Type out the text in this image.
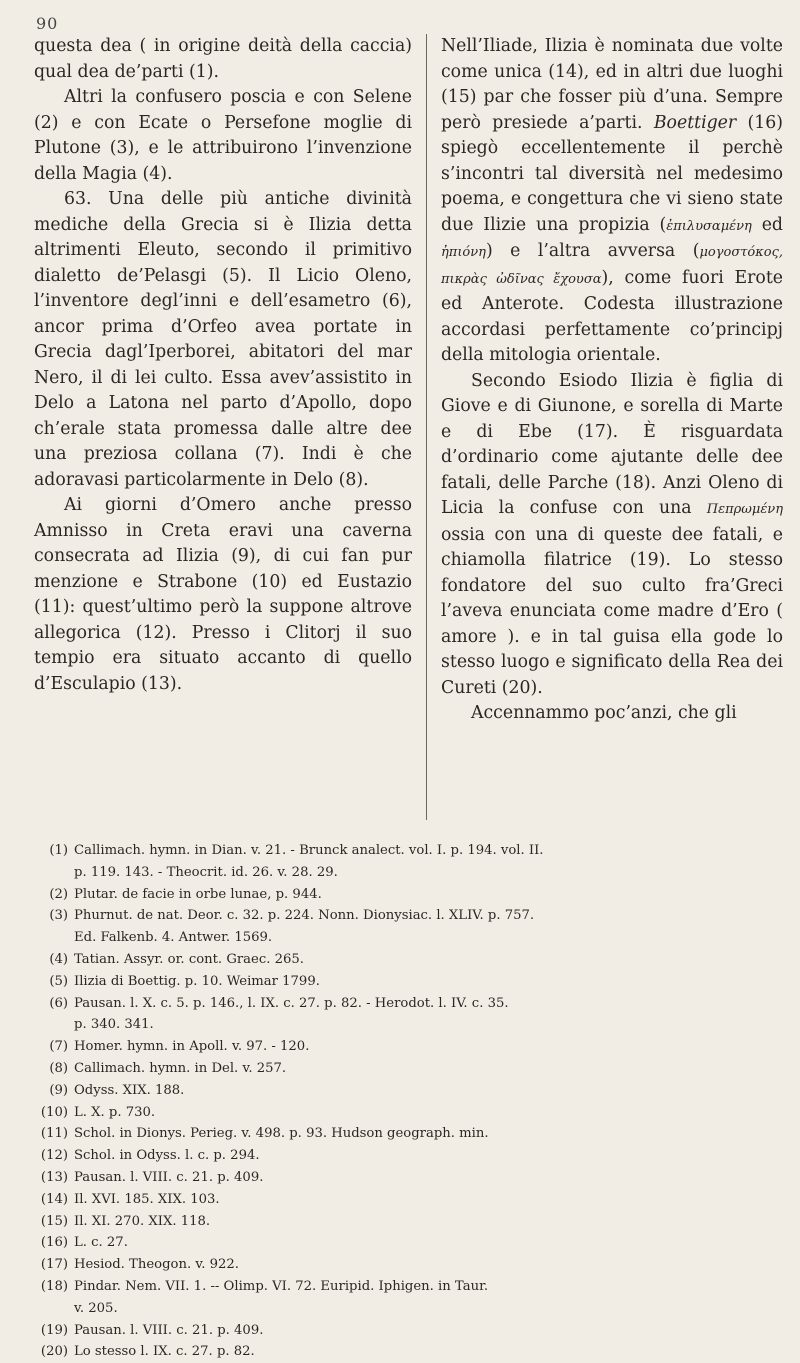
90

questa dea ( in origine deità della caccia) qual dea de’parti (1).

Altri la confusero poscia e con Selene (2) e con Ecate o Persefone moglie di Plutone (3), e le attribuirono l’invenzione della Magia (4).

63. Una delle più antiche divinità mediche della Grecia si è Ilizia detta altrimenti Eleuto, secondo il primitivo dialetto de’Pelasgi (5). Il Licio Oleno, l’inventore degl’inni e dell’esametro (6), ancor prima d’Orfeo avea portate in Grecia dagl’Iperborei, abitatori del mar Nero, il di lei culto. Essa avev’assistito in Delo a Latona nel parto d’Apollo, dopo ch’erale stata promessa dalle altre dee una preziosa collana (7). Indi è che adoravasi particolarmente in Delo (8).

Ai giorni d’Omero anche presso Amnisso in Creta eravi una caverna consecrata ad Ilizia (9), di cui fan pur menzione e Strabone (10) ed Eustazio (11): quest’ultimo però la suppone altrove allegorica (12). Presso i Clitorj il suo tempio era situato accanto di quello d’Esculapio (13).

Nell’Iliade, Ilizia è nominata due volte come unica (14), ed in altri due luoghi (15) par che fosser più d’una. Sempre però presiede a’parti. Boettiger (16) spiegò eccellentemente il perchè s’incontri tal diversità nel medesimo poema, e congettura che vi sieno state due Ilizie una propizia (ἐπιλυσαμένη ed ἠπιόνη) e l’altra avversa (μογοστόκος, πικρὰς ὠδῖνας ἔχουσα), come fuori Erote ed Anterote. Codesta illustrazione accordasi perfettamente co’principj della mitologia orientale.

Secondo Esiodo Ilizia è figlia di Giove e di Giunone, e sorella di Marte e di Ebe (17). È risguardata d’ordinario come ajutante delle dee fatali, delle Parche (18). Anzi Oleno di Licia la confuse con una Πεπρωμένη ossia con una di queste dee fatali, e chiamolla filatrice (19). Lo stesso fondatore del suo culto fra’Greci l’aveva enunciata come madre d’Ero ( amore ). e in tal guisa ella gode lo stesso luogo e significato della Rea dei Cureti (20).

Accennammo poc’anzi, che gli

(1) Callimach. hymn. in Dian. v. 21. - Brunck analect. vol. I. p. 194. vol. II.
p. 119. 143. - Theocrit. id. 26. v. 28. 29.
(2) Plutar. de facie in orbe lunae, p. 944.
(3) Phurnut. de nat. Deor. c. 32. p. 224. Nonn. Dionysiac. l. XLIV. p. 757.
Ed. Falkenb. 4. Antwer. 1569.
(4) Tatian. Assyr. or. cont. Graec. 265.
(5) Ilizia di Boettig. p. 10. Weimar 1799.
(6) Pausan. l. X. c. 5. p. 146., l. IX. c. 27. p. 82. - Herodot. l. IV. c. 35.
p. 340. 341.
(7) Homer. hymn. in Apoll. v. 97. - 120.
(8) Callimach. hymn. in Del. v. 257.
(9) Odyss. XIX. 188.
(10) L. X. p. 730.
(11) Schol. in Dionys. Perieg. v. 498. p. 93. Hudson geograph. min.
(12) Schol. in Odyss. l. c. p. 294.
(13) Pausan. l. VIII. c. 21. p. 409.
(14) Il. XVI. 185. XIX. 103.
(15) Il. XI. 270. XIX. 118.
(16) L. c. 27.
(17) Hesiod. Theogon. v. 922.
(18) Pindar. Nem. VII. 1. -- Olimp. VI. 72. Euripid. Iphigen. in Taur.
v. 205.
(19) Pausan. l. VIII. c. 21. p. 409.
(20) Lo stesso l. IX. c. 27. p. 82.
